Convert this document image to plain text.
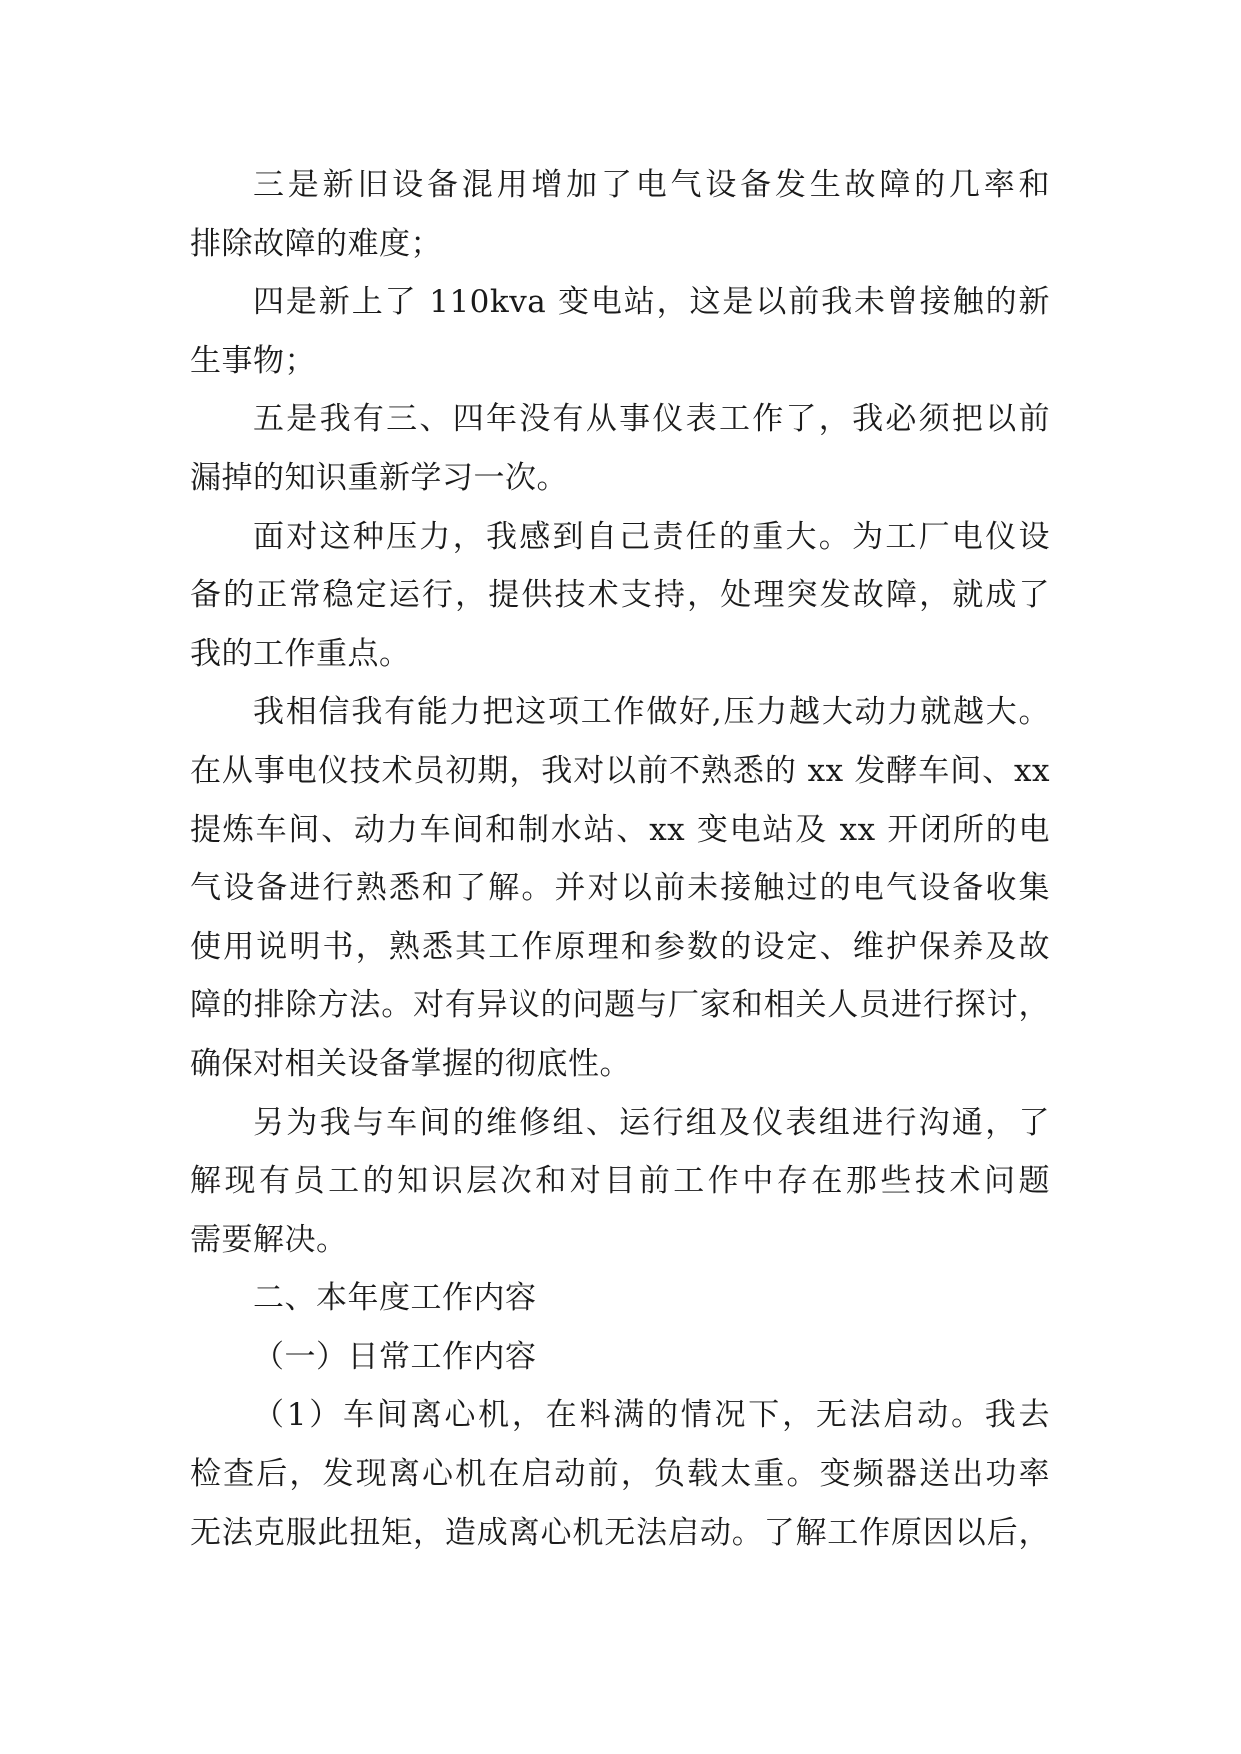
三是新旧设备混用增加了电气设备发生故障的几率和
排除故障的难度；
四是新上了 110kva 变电站，这是以前我未曾接触的新
生事物；
五是我有三、四年没有从事仪表工作了，我必须把以前
漏掉的知识重新学习一次。
面对这种压力，我感到自己责任的重大。为工厂电仪设
备的正常稳定运行，提供技术支持，处理突发故障，就成了
我的工作重点。
我相信我有能力把这项工作做好,压力越大动力就越大。
在从事电仪技术员初期，我对以前不熟悉的 xx 发酵车间、xx
提炼车间、动力车间和制水站、xx 变电站及 xx 开闭所的电
气设备进行熟悉和了解。并对以前未接触过的电气设备收集
使用说明书，熟悉其工作原理和参数的设定、维护保养及故
障的排除方法。对有异议的问题与厂家和相关人员进行探讨，
确保对相关设备掌握的彻底性。
另为我与车间的维修组、运行组及仪表组进行沟通，了
解现有员工的知识层次和对目前工作中存在那些技术问题
需要解决。
二、本年度工作内容
（一）日常工作内容
（1）车间离心机，在料满的情况下，无法启动。我去
检查后，发现离心机在启动前，负载太重。变频器送出功率
无法克服此扭矩，造成离心机无法启动。了解工作原因以后，
